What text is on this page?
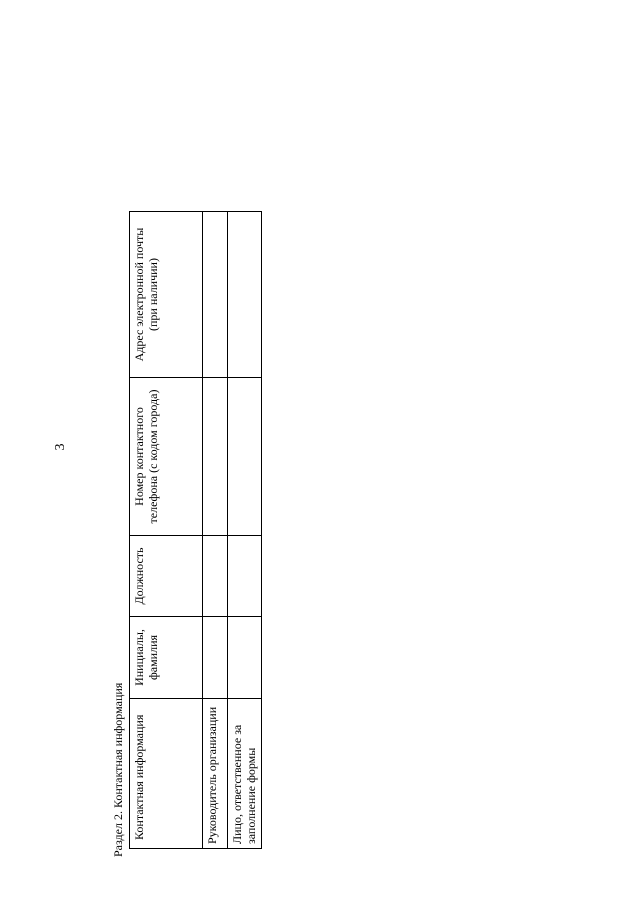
3
Раздел 2. Контактная информация Контактная информация	Инициалы, фамилия	Должность	Номер контактного телефона (с кодом города)	Адрес электронной почты (при наличии)
Руководитель организации				
Лицо, ответственное за заполнение формы				
